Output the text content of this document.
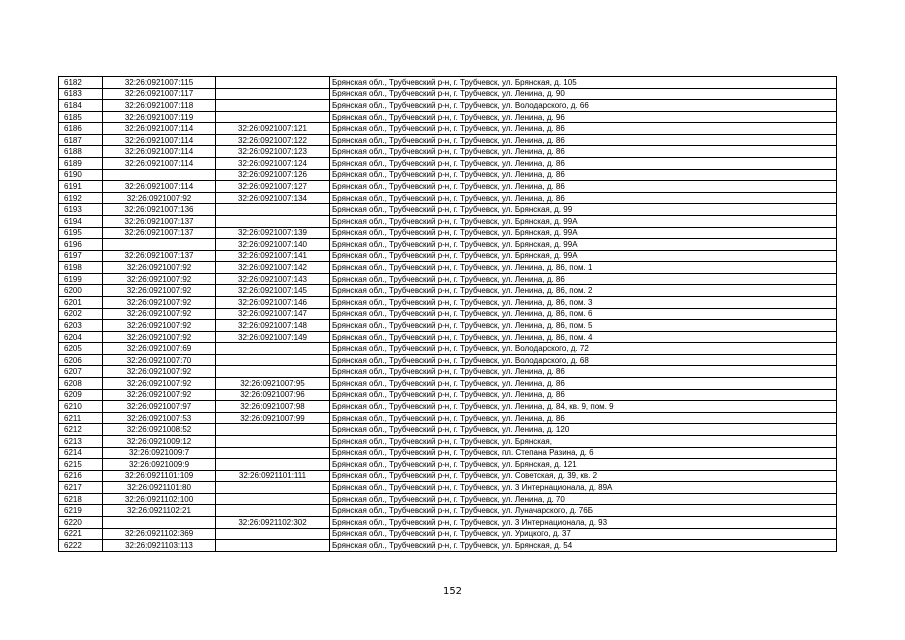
6182	32:26:0921007:115		Брянская обл., Трубчевский р-н, г. Трубчевск, ул. Брянская, д. 105
6183	32:26:0921007:117		Брянская обл., Трубчевский р-н, г. Трубчевск, ул. Ленина, д. 90
6184	32:26:0921007:118		Брянская обл., Трубчевский р-н, г. Трубчевск, ул. Володарского, д. 66
6185	32:26:0921007:119		Брянская обл., Трубчевский р-н, г. Трубчевск, ул. Ленина, д. 96
6186	32:26:0921007:114	32:26:0921007:121	Брянская обл., Трубчевский р-н, г. Трубчевск, ул. Ленина, д. 86
6187	32:26:0921007:114	32:26:0921007:122	Брянская обл., Трубчевский р-н, г. Трубчевск, ул. Ленина, д. 86
6188	32:26:0921007:114	32:26:0921007:123	Брянская обл., Трубчевский р-н, г. Трубчевск, ул. Ленина, д. 86
6189	32:26:0921007:114	32:26:0921007:124	Брянская обл., Трубчевский р-н, г. Трубчевск, ул. Ленина, д. 86
6190		32:26:0921007:126	Брянская обл., Трубчевский р-н, г. Трубчевск, ул. Ленина, д. 86
6191	32:26:0921007:114	32:26:0921007:127	Брянская обл., Трубчевский р-н, г. Трубчевск, ул. Ленина, д. 86
6192	32:26:0921007:92	32:26:0921007:134	Брянская обл., Трубчевский р-н, г. Трубчевск, ул. Ленина, д. 86
6193	32:26:0921007:136		Брянская обл., Трубчевский р-н, г. Трубчевск, ул. Брянская, д. 99
6194	32:26:0921007:137		Брянская обл., Трубчевский р-н, г. Трубчевск, ул. Брянская, д. 99А
6195	32:26:0921007:137	32:26:0921007:139	Брянская обл., Трубчевский р-н, г. Трубчевск, ул. Брянская, д. 99А
6196		32:26:0921007:140	Брянская обл., Трубчевский р-н, г. Трубчевск, ул. Брянская, д. 99А
6197	32:26:0921007:137	32:26:0921007:141	Брянская обл., Трубчевский р-н, г. Трубчевск, ул. Брянская, д. 99А
6198	32:26:0921007:92	32:26:0921007:142	Брянская обл., Трубчевский р-н, г. Трубчевск, ул. Ленина, д. 86, пом. 1
6199	32:26:0921007:92	32:26:0921007:143	Брянская обл., Трубчевский р-н, г. Трубчевск, ул. Ленина, д. 86
6200	32:26:0921007:92	32:26:0921007:145	Брянская обл., Трубчевский р-н, г. Трубчевск, ул. Ленина, д. 86, пом. 2
6201	32:26:0921007:92	32:26:0921007:146	Брянская обл., Трубчевский р-н, г. Трубчевск, ул. Ленина, д. 86, пом. 3
6202	32:26:0921007:92	32:26:0921007:147	Брянская обл., Трубчевский р-н, г. Трубчевск, ул. Ленина, д. 86, пом. 6
6203	32:26:0921007:92	32:26:0921007:148	Брянская обл., Трубчевский р-н, г. Трубчевск, ул. Ленина, д. 86, пом. 5
6204	32:26:0921007:92	32:26:0921007:149	Брянская обл., Трубчевский р-н, г. Трубчевск, ул. Ленина, д. 86, пом. 4
6205	32:26:0921007:69		Брянская обл., Трубчевский р-н, г. Трубчевск, ул. Володарского, д. 72
6206	32:26:0921007:70		Брянская обл., Трубчевский р-н, г. Трубчевск, ул. Володарского, д. 68
6207	32:26:0921007:92		Брянская обл., Трубчевский р-н, г. Трубчевск, ул. Ленина, д. 86
6208	32:26:0921007:92	32:26:0921007:95	Брянская обл., Трубчевский р-н, г. Трубчевск, ул. Ленина, д. 86
6209	32:26:0921007:92	32:26:0921007:96	Брянская обл., Трубчевский р-н, г. Трубчевск, ул. Ленина, д. 86
6210	32:26:0921007:97	32:26:0921007:98	Брянская обл., Трубчевский р-н, г. Трубчевск, ул. Ленина, д. 84, кв. 9, пом. 9
6211	32:26:0921007:53	32:26:0921007:99	Брянская обл., Трубчевский р-н, г. Трубчевск, ул. Ленина, д. 86
6212	32:26:0921008:52		Брянская обл., Трубчевский р-н, г. Трубчевск, ул. Ленина, д. 120
6213	32:26:0921009:12		Брянская обл., Трубчевский р-н, г. Трубчевск, ул. Брянская,
6214	32:26:0921009:7		Брянская обл., Трубчевский р-н, г. Трубчевск, пл. Степана Разина, д. 6
6215	32:26:0921009:9		Брянская обл., Трубчевский р-н, г. Трубчевск, ул. Брянская, д. 121
6216	32:26:0921101:109	32:26:0921101:111	Брянская обл., Трубчевский р-н, г. Трубчевск, ул. Советская, д. 39, кв. 2
6217	32:26:0921101:80		Брянская обл., Трубчевский р-н, г. Трубчевск, ул. 3 Интернационала, д. 89А
6218	32:26:0921102:100		Брянская обл., Трубчевский р-н, г. Трубчевск, ул. Ленина, д. 70
6219	32:26:0921102:21		Брянская обл., Трубчевский р-н, г. Трубчевск, ул. Луначарского, д. 76Б
6220		32:26:0921102:302	Брянская обл., Трубчевский р-н, г. Трубчевск, ул. 3 Интернационала, д. 93
6221	32:26:0921102:369		Брянская обл., Трубчевский р-н, г. Трубчевск, ул. Урицкого, д. 37
6222	32:26:0921103:113		Брянская обл., Трубчевский р-н, г. Трубчевск, ул. Брянская, д. 54
152
